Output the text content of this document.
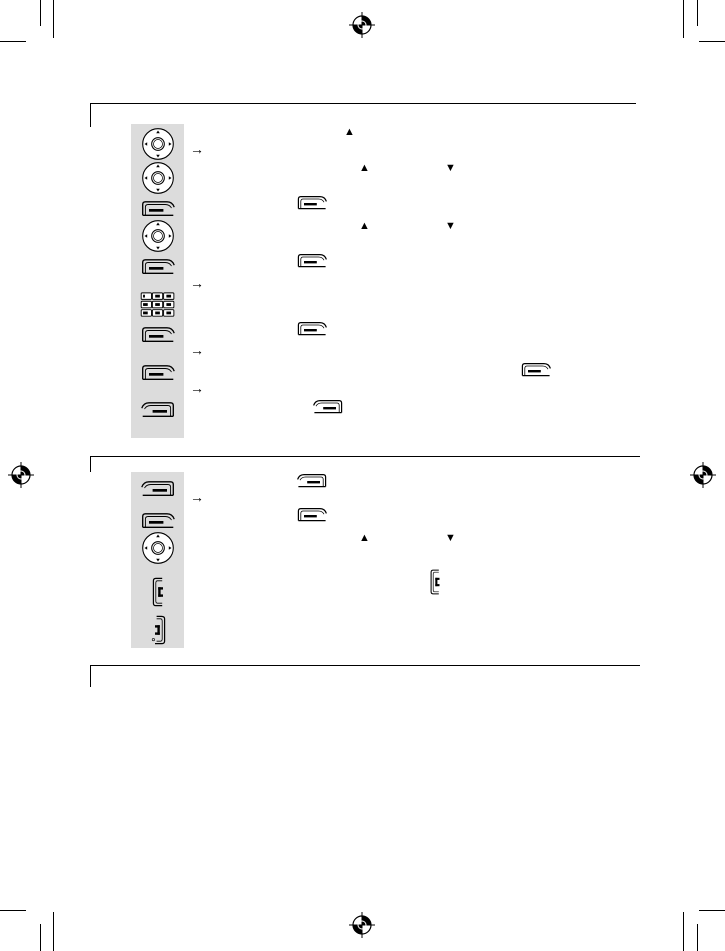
→
→
→
→
▲
▲	▼
▲	▼
→
▲	▼
